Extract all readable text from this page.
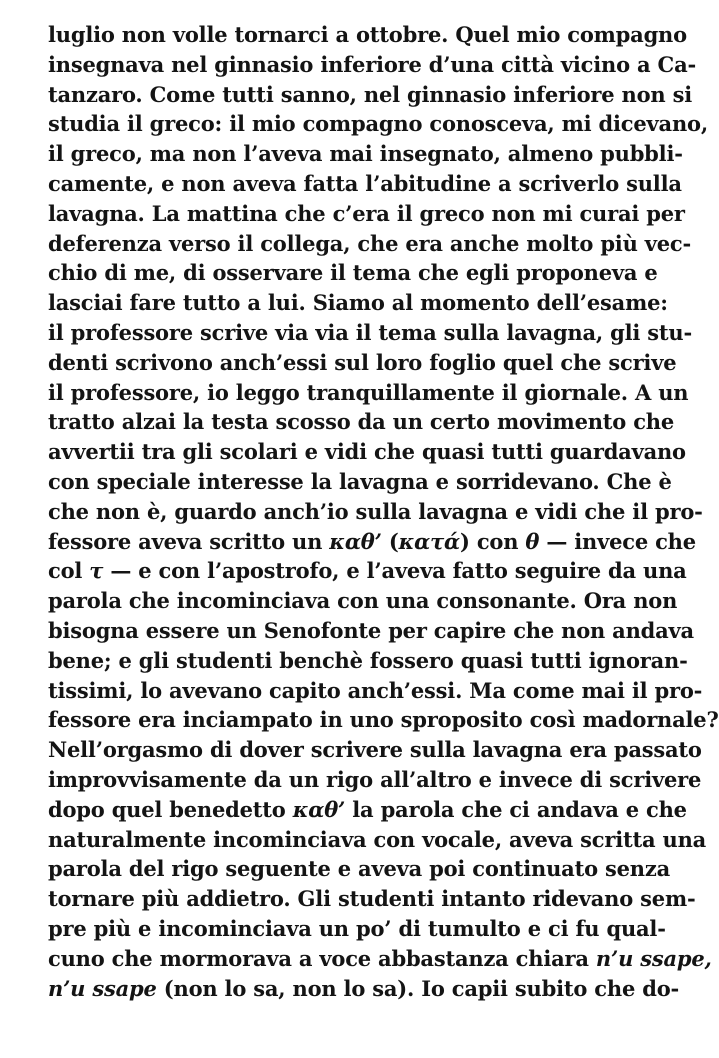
luglio non volle tornarci a ottobre. Quel mio compagno
insegnava nel ginnasio inferiore d’una città vicino a Ca-
tanzaro. Come tutti sanno, nel ginnasio inferiore non si
studia il greco: il mio compagno conosceva, mi dicevano,
il greco, ma non l’aveva mai insegnato, almeno pubbli-
camente, e non aveva fatta l’abitudine a scriverlo sulla
lavagna. La mattina che c’era il greco non mi curai per
deferenza verso il collega, che era anche molto più vec-
chio di me, di osservare il tema che egli proponeva e
lasciai fare tutto a lui. Siamo al momento dell’esame:
il professore scrive via via il tema sulla lavagna, gli stu-
denti scrivono anch’essi sul loro foglio quel che scrive
il professore, io leggo tranquillamente il giornale. A un
tratto alzai la testa scosso da un certo movimento che
avvertii tra gli scolari e vidi che quasi tutti guardavano
con speciale interesse la lavagna e sorridevano. Che è
che non è, guardo anch’io sulla lavagna e vidi che il pro-
fessore aveva scritto un καθ’ (κατά) con θ — invece che
col τ — e con l’apostrofo, e l’aveva fatto seguire da una
parola che incominciava con una consonante. Ora non
bisogna essere un Senofonte per capire che non andava
bene; e gli studenti benchè fossero quasi tutti ignoran-
tissimi, lo avevano capito anch’essi. Ma come mai il pro-
fessore era inciampato in uno sproposito così madornale?
Nell’orgasmo di dover scrivere sulla lavagna era passato
improvvisamente da un rigo all’altro e invece di scrivere
dopo quel benedetto καθ’ la parola che ci andava e che
naturalmente incominciava con vocale, aveva scritta una
parola del rigo seguente e aveva poi continuato senza
tornare più addietro. Gli studenti intanto ridevano sem-
pre più e incominciava un po’ di tumulto e ci fu qual-
cuno che mormorava a voce abbastanza chiara n’u ssape,
n’u ssape (non lo sa, non lo sa). Io capii subito che do-
